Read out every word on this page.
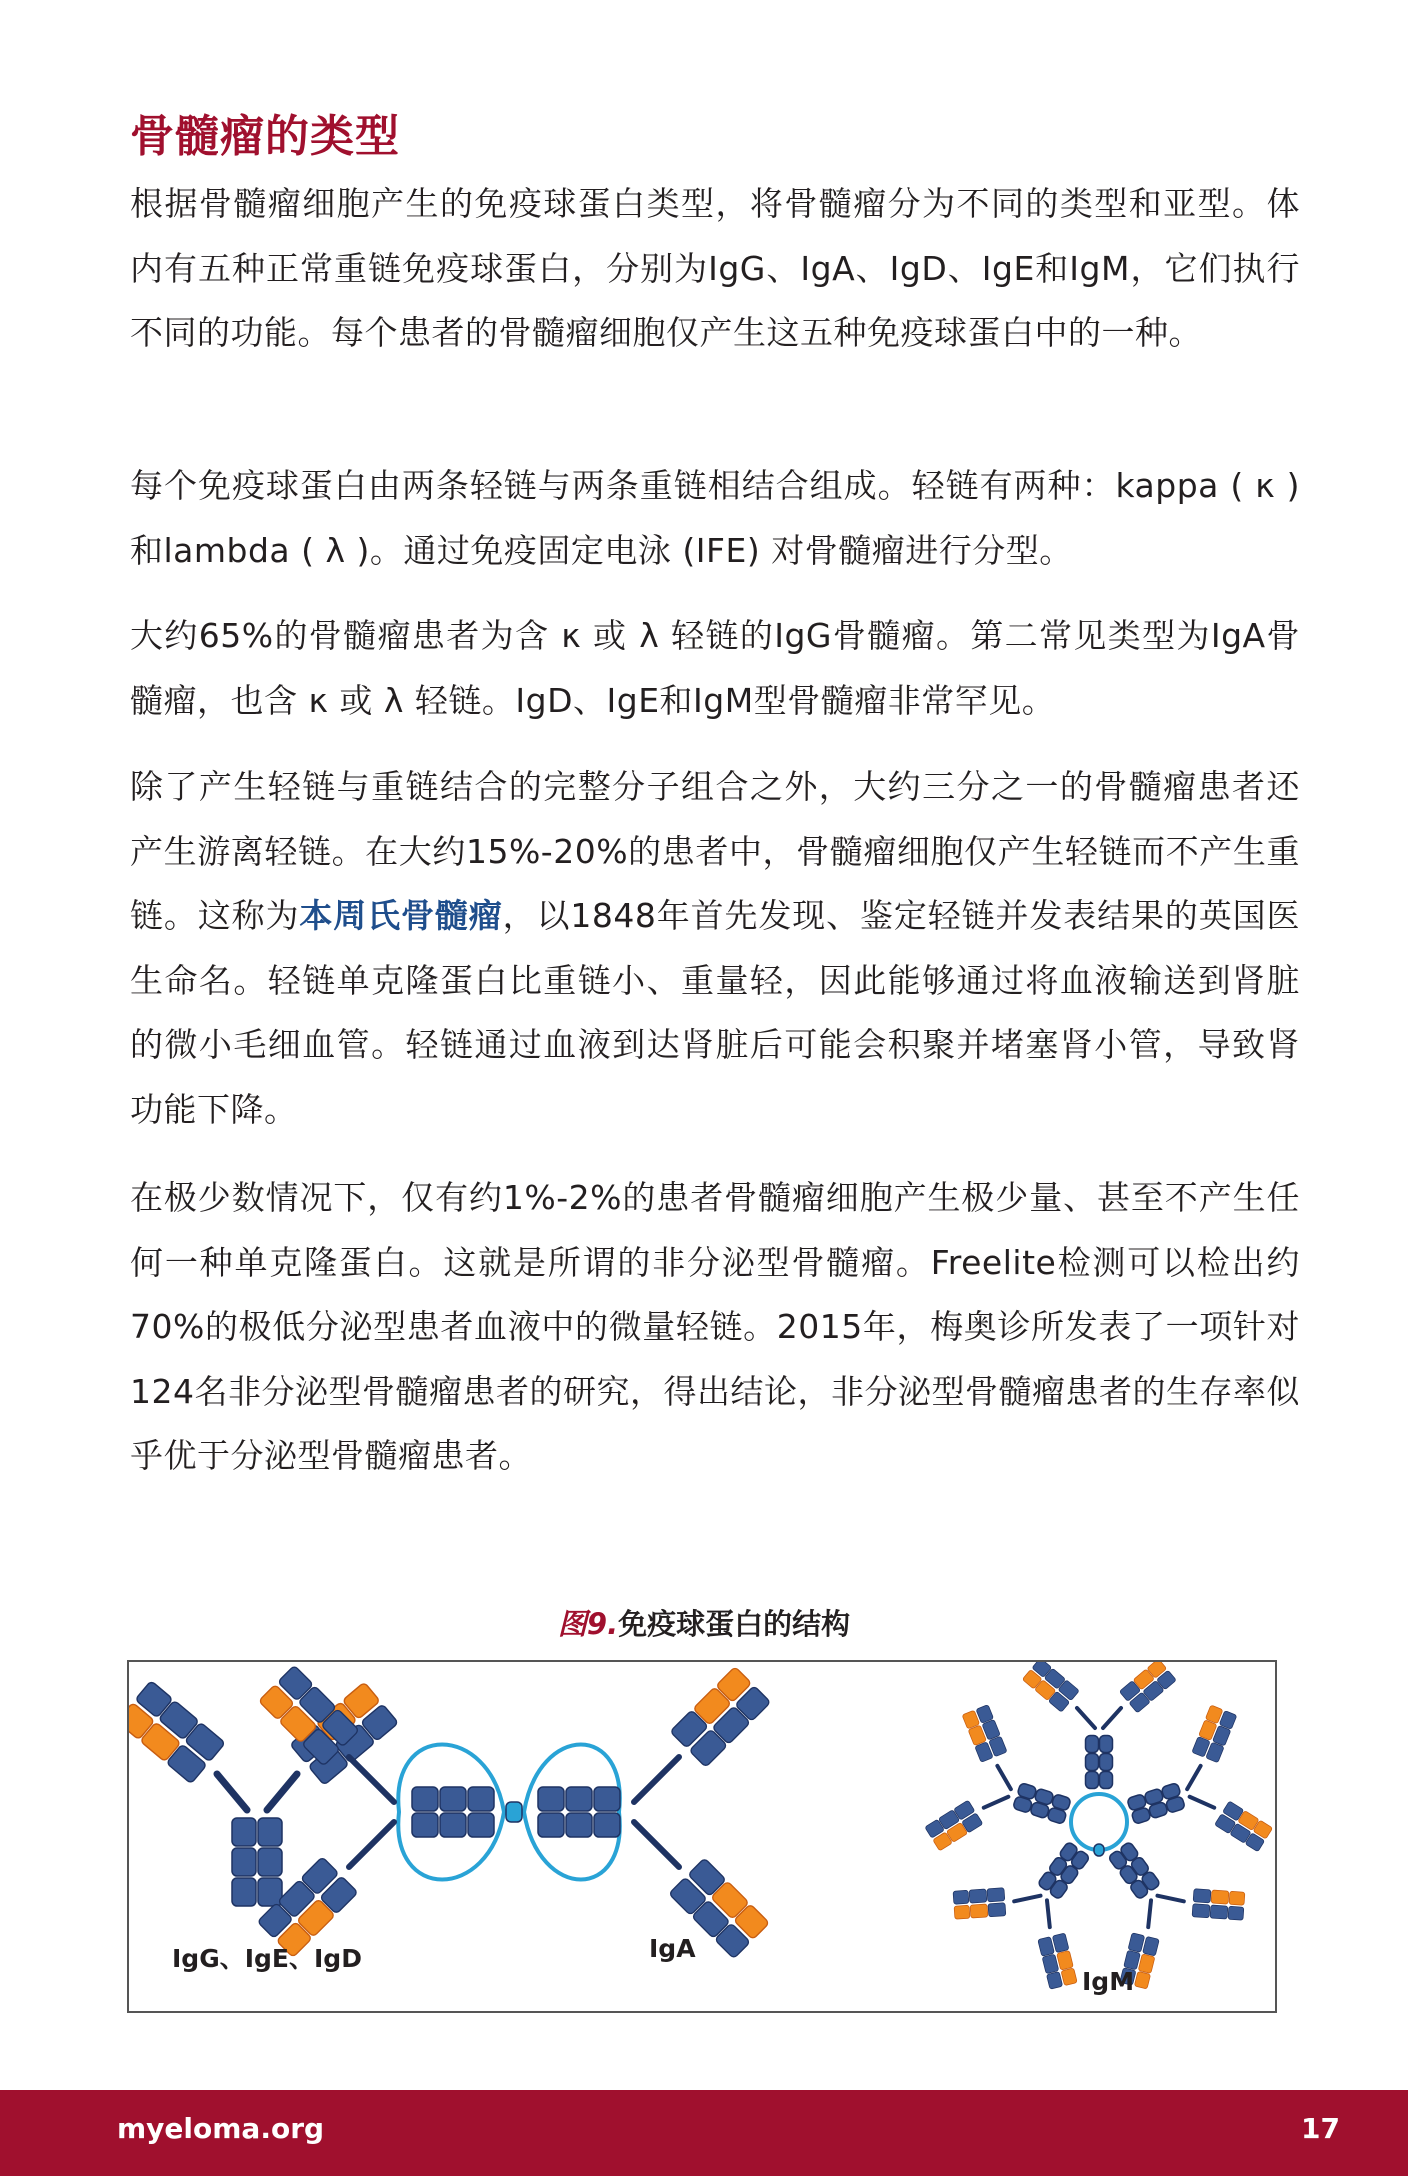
骨髓瘤的类型

根据骨髓瘤细胞产生的免疫球蛋白类型，将骨髓瘤分为不同的类型和亚型。体内有五种正常重链免疫球蛋白，分别为IgG、IgA、IgD、IgE和IgM，它们执行不同的功能。每个患者的骨髓瘤细胞仅产生这五种免疫球蛋白中的一种。

每个免疫球蛋白由两条轻链与两条重链相结合组成。轻链有两种：kappa ( κ ) 和lambda ( λ )。通过免疫固定电泳 (IFE) 对骨髓瘤进行分型。

大约65%的骨髓瘤患者为含 κ 或 λ 轻链的IgG骨髓瘤。第二常见类型为IgA骨髓瘤，也含 κ 或 λ 轻链。IgD、IgE和IgM型骨髓瘤非常罕见。

除了产生轻链与重链结合的完整分子组合之外，大约三分之一的骨髓瘤患者还产生游离轻链。在大约15%-20%的患者中，骨髓瘤细胞仅产生轻链而不产生重链。这称为本周氏骨髓瘤，以1848年首先发现、鉴定轻链并发表结果的英国医生命名。轻链单克隆蛋白比重链小、重量轻，因此能够通过将血液输送到肾脏的微小毛细血管。轻链通过血液到达肾脏后可能会积聚并堵塞肾小管，导致肾功能下降。

在极少数情况下，仅有约1%-2%的患者骨髓瘤细胞产生极少量、甚至不产生任何一种单克隆蛋白。这就是所谓的非分泌型骨髓瘤。Freelite检测可以检出约70%的极低分泌型患者血液中的微量轻链。2015年，梅奥诊所发表了一项针对124名非分泌型骨髓瘤患者的研究，得出结论，非分泌型骨髓瘤患者的生存率似乎优于分泌型骨髓瘤患者。

图9.免疫球蛋白的结构

IgG、IgE、IgD	IgA
IgM
myeloma.org	17
